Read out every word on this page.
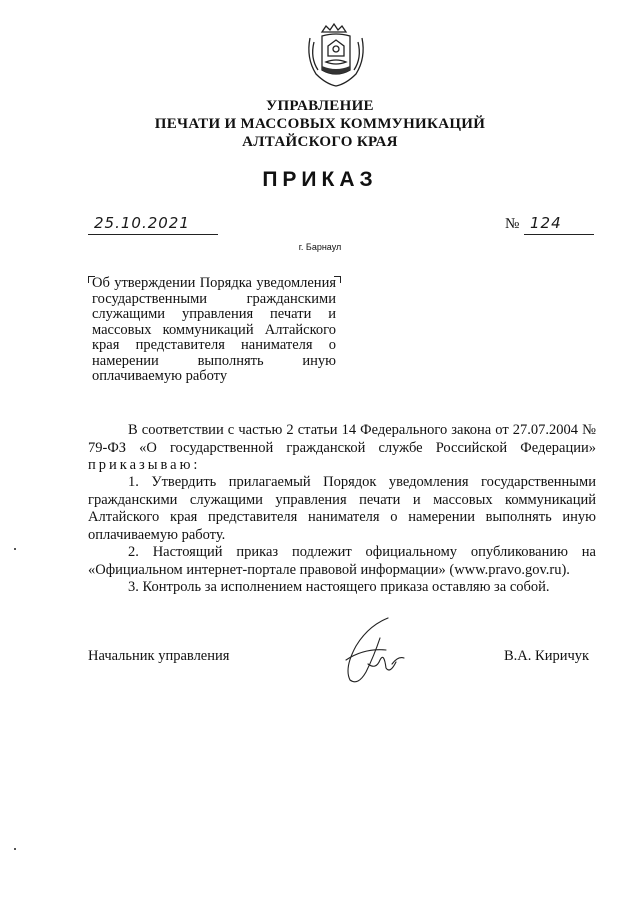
УПРАВЛЕНИЕ
ПЕЧАТИ И МАССОВЫХ КОММУНИКАЦИЙ
АЛТАЙСКОГО КРАЯ
ПРИКАЗ
25.10.2021	№ 124
г. Барнаул
Об утверждении Порядка уведомления государственными гражданскими служащими управления печати и массовых коммуникаций Алтайского края представителя нанимателя о намерении выполнять иную оплачиваемую работу
В соответствии с частью 2 статьи 14 Федерального закона от 27.07.2004 № 79-ФЗ «О государственной гражданской службе Российской Федерации» приказываю:
1. Утвердить прилагаемый Порядок уведомления государственными гражданскими служащими управления печати и массовых коммуникаций Алтайского края представителя нанимателя о намерении выполнять иную оплачиваемую работу.
2. Настоящий приказ подлежит официальному опубликованию на «Официальном интернет-портале правовой информации» (www.pravo.gov.ru).
3. Контроль за исполнением настоящего приказа оставляю за собой.
Начальник управления	В.А. Киричук
